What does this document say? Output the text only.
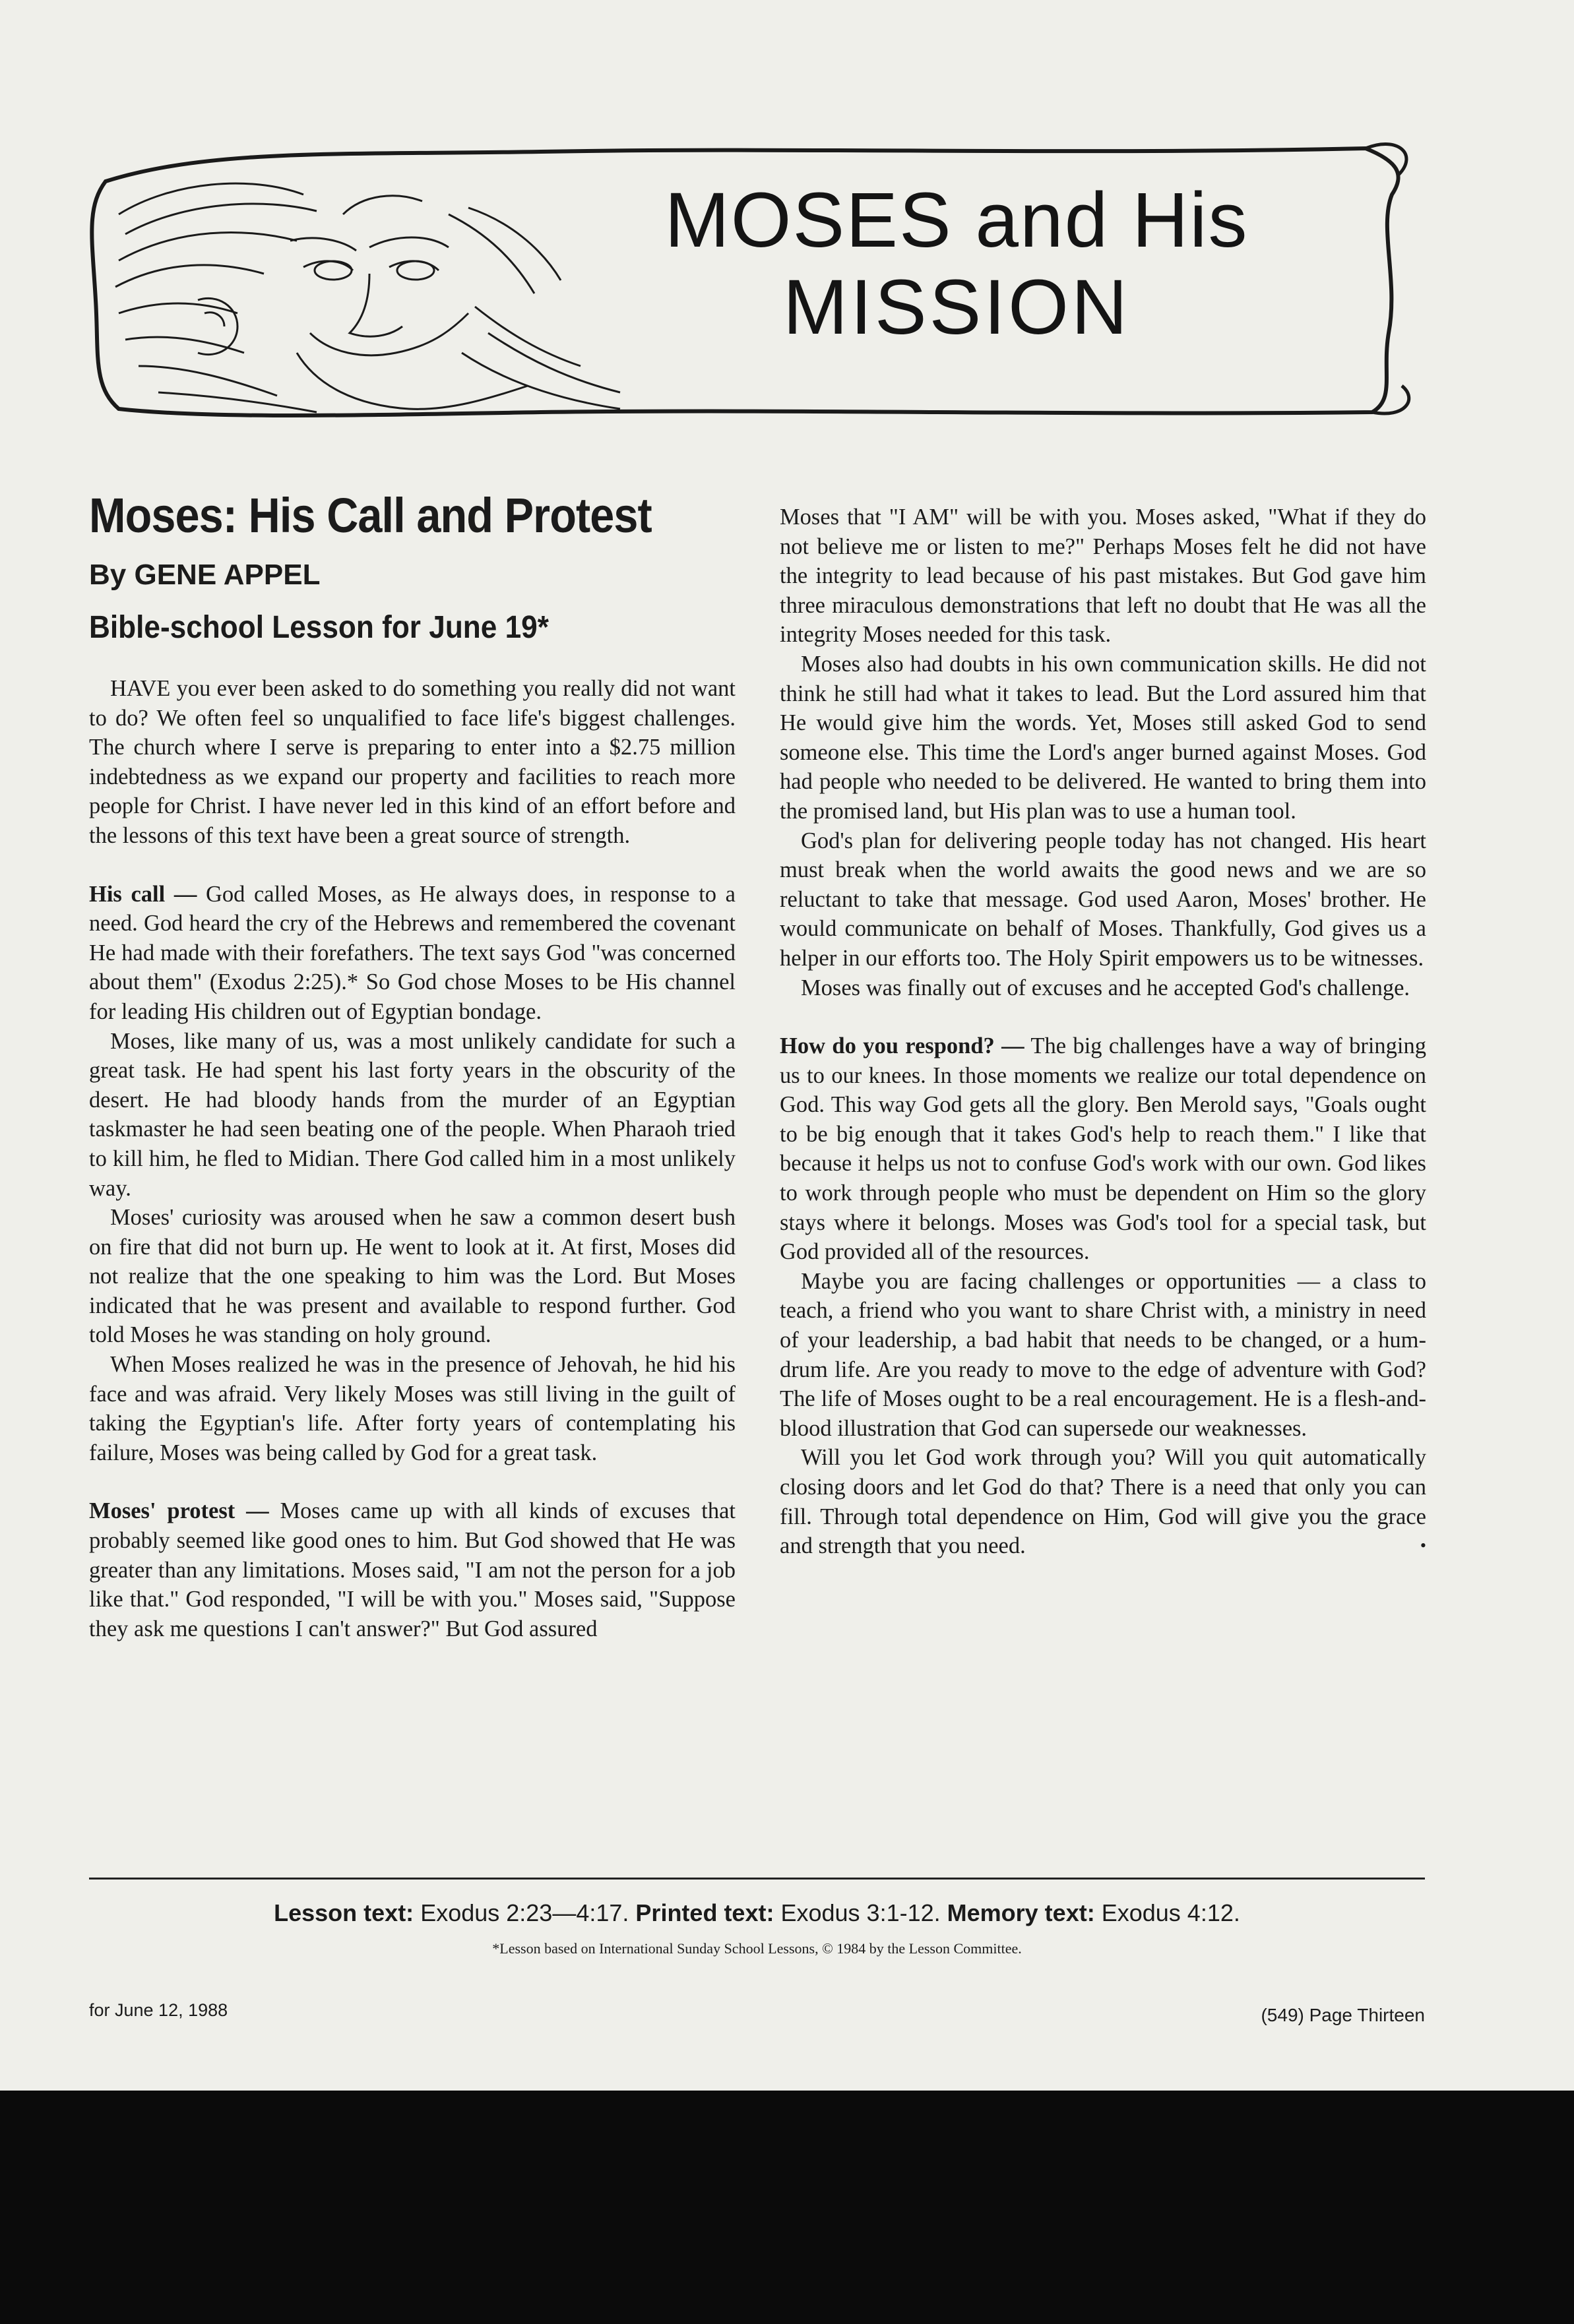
MOSES and His
MISSION
Moses: His Call and Protest
By GENE APPEL
Bible-school Lesson for June 19*

HAVE you ever been asked to do something you really did not want to do? We often feel so unqualified to face life's biggest challenges. The church where I serve is preparing to enter into a $2.75 million indebtedness as we expand our property and facilities to reach more people for Christ. I have never led in this kind of an effort before and the lessons of this text have been a great source of strength.

His call — God called Moses, as He always does, in response to a need. God heard the cry of the Hebrews and remembered the covenant He had made with their forefathers. The text says God "was concerned about them" (Exodus 2:25).* So God chose Moses to be His channel for leading His children out of Egyptian bondage.

Moses, like many of us, was a most unlikely candidate for such a great task. He had spent his last forty years in the obscurity of the desert. He had bloody hands from the murder of an Egyptian taskmaster he had seen beating one of the people. When Pharaoh tried to kill him, he fled to Midian. There God called him in a most unlikely way.

Moses' curiosity was aroused when he saw a common desert bush on fire that did not burn up. He went to look at it. At first, Moses did not realize that the one speaking to him was the Lord. But Moses indicated that he was present and available to respond further. God told Moses he was standing on holy ground.

When Moses realized he was in the presence of Jehovah, he hid his face and was afraid. Very likely Moses was still living in the guilt of taking the Egyptian's life. After forty years of contemplating his failure, Moses was being called by God for a great task.

Moses' protest — Moses came up with all kinds of excuses that probably seemed like good ones to him. But God showed that He was greater than any limitations. Moses said, "I am not the person for a job like that." God responded, "I will be with you." Moses said, "Suppose they ask me questions I can't answer?" But God assured

Moses that "I AM" will be with you. Moses asked, "What if they do not believe me or listen to me?" Perhaps Moses felt he did not have the integrity to lead because of his past mistakes. But God gave him three miraculous demonstrations that left no doubt that He was all the integrity Moses needed for this task.

Moses also had doubts in his own communication skills. He did not think he still had what it takes to lead. But the Lord assured him that He would give him the words. Yet, Moses still asked God to send someone else. This time the Lord's anger burned against Moses. God had people who needed to be delivered. He wanted to bring them into the promised land, but His plan was to use a human tool.

God's plan for delivering people today has not changed. His heart must break when the world awaits the good news and we are so reluctant to take that message. God used Aaron, Moses' brother. He would communicate on behalf of Moses. Thankfully, God gives us a helper in our efforts too. The Holy Spirit empowers us to be witnesses.

Moses was finally out of excuses and he accepted God's challenge.

How do you respond? — The big challenges have a way of bringing us to our knees. In those moments we realize our total dependence on God. This way God gets all the glory. Ben Merold says, "Goals ought to be big enough that it takes God's help to reach them." I like that because it helps us not to confuse God's work with our own. God likes to work through people who must be dependent on Him so the glory stays where it belongs. Moses was God's tool for a special task, but God provided all of the resources.

Maybe you are facing challenges or opportunities — a class to teach, a friend who you want to share Christ with, a ministry in need of your leadership, a bad habit that needs to be changed, or a hum-drum life. Are you ready to move to the edge of adventure with God? The life of Moses ought to be a real encouragement. He is a flesh-and-blood illustration that God can supersede our weaknesses.

Will you let God work through you? Will you quit automatically closing doors and let God do that? There is a need that only you can fill. Through total dependence on Him, God will give you the grace and strength that you need.	•

Lesson text: Exodus 2:23—4:17. Printed text: Exodus 3:1-12. Memory text: Exodus 4:12.
*Lesson based on International Sunday School Lessons, © 1984 by the Lesson Committee.
for June 12, 1988	(549) Page Thirteen
